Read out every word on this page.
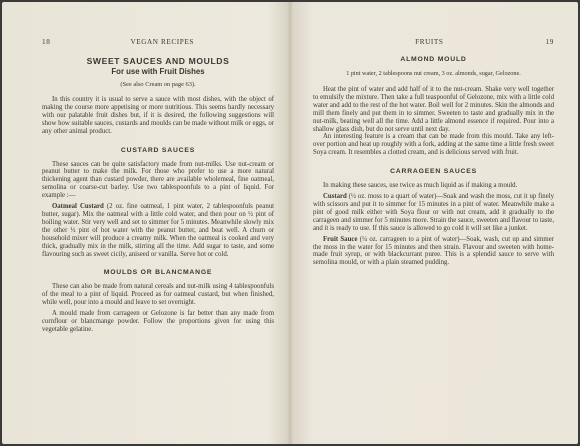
18	VEGAN RECIPES
SWEET SAUCES AND MOULDS
For use with Fruit Dishes
(See also Cream on page 63).

In this country it is usual to serve a sauce with most dishes, with the object of making the course more appetising or more nutritious. This seems hardly necessary with our palatable fruit dishes but, if it is desired, the following suggestions will show how suitable sauces, custards and moulds can be made without milk or eggs, or any other animal product.

CUSTARD SAUCES

These sauces can be quite satisfactory made from nut-milks. Use nut-cream or peanut butter to make the milk. For those who prefer to use a more natural thickening agent than custard powder, there are available wholemeal, fine oatmeal, semolina or coarse-cut barley. Use two tablespoonfuls to a pint of liquid. For example :—

Oatmeal Custard (2 oz. fine oatmeal, 1 pint water, 2 tablespoonfuls peanut butter, sugar). Mix the oatmeal with a little cold water, and then pour on ½ pint of boiling water. Stir very well and set to simmer for 5 minutes. Meanwhile slowly mix the other ½ pint of hot water with the peanut butter, and beat well. A churn or household mixer will produce a creamy milk. When the oatmeal is cooked and very thick, gradually mix in the milk, stirring all the time. Add sugar to taste, and some flavouring such as sweet cicily, aniseed or vanilla. Serve hot or cold.

MOULDS OR BLANCMANGE

These can also be made from natural cereals and nut-milk using 4 tablespoonfuls of the meal to a pint of liquid. Proceed as for oatmeal custard, but when finished, while well, pour into a mould and leave to set overnight.

A mould made from carrageen or Gelozone is far better than any made from cornflour or blancmange powder. Follow the proportions given for using this vegetable gelatine.

FRUITS	19
ALMOND MOULD
1 pint water, 2 tablespoons nut cream, 3 oz. almonds, sugar, Gelozone.

Heat the pint of water and add half of it to the nut-cream. Shake very well together to emulsify the mixture. Then take a full teaspoonful of Gelozone, mix with a little cold water and add to the rest of the hot water. Boil well for 2 minutes. Skin the almonds and mill them finely and put them in to simmer. Sweeten to taste and gradually mix in the nut-milk, beating well all the time. Add a little almond essence if required. Pour into a shallow glass dish, but do not serve until next day.

An interesting feature is a cream that can be made from this mould. Take any left-over portion and heat up roughly with a fork, adding at the same time a little fresh sweet Soya cream. It resembles a clotted cream, and is delicious served with fruit.

CARRAGEEN SAUCES

In making these sauces, use twice as much liquid as if making a mould.

Custard (½ oz. moss to a quart of water)—Soak and wash the moss, cut it up finely with scissors and put it to simmer for 15 minutes in a pint of water. Meanwhile make a pint of good milk either with Soya flour or with nut cream, add it gradually to the carrageen and simmer for 5 minutes more. Strain the sauce, sweeten and flavour to taste, and it is ready to use. If this sauce is allowed to go cold it will set like a junket.

Fruit Sauce (¼ oz. carrageen to a pint of water)—Soak, wash, cut up and simmer the moss in the water for 15 minutes and then strain. Flavour and sweeten with home-made fruit syrup, or with blackcurrant puree. This is a splendid sauce to serve with semolina mould, or with a plain steamed pudding.
